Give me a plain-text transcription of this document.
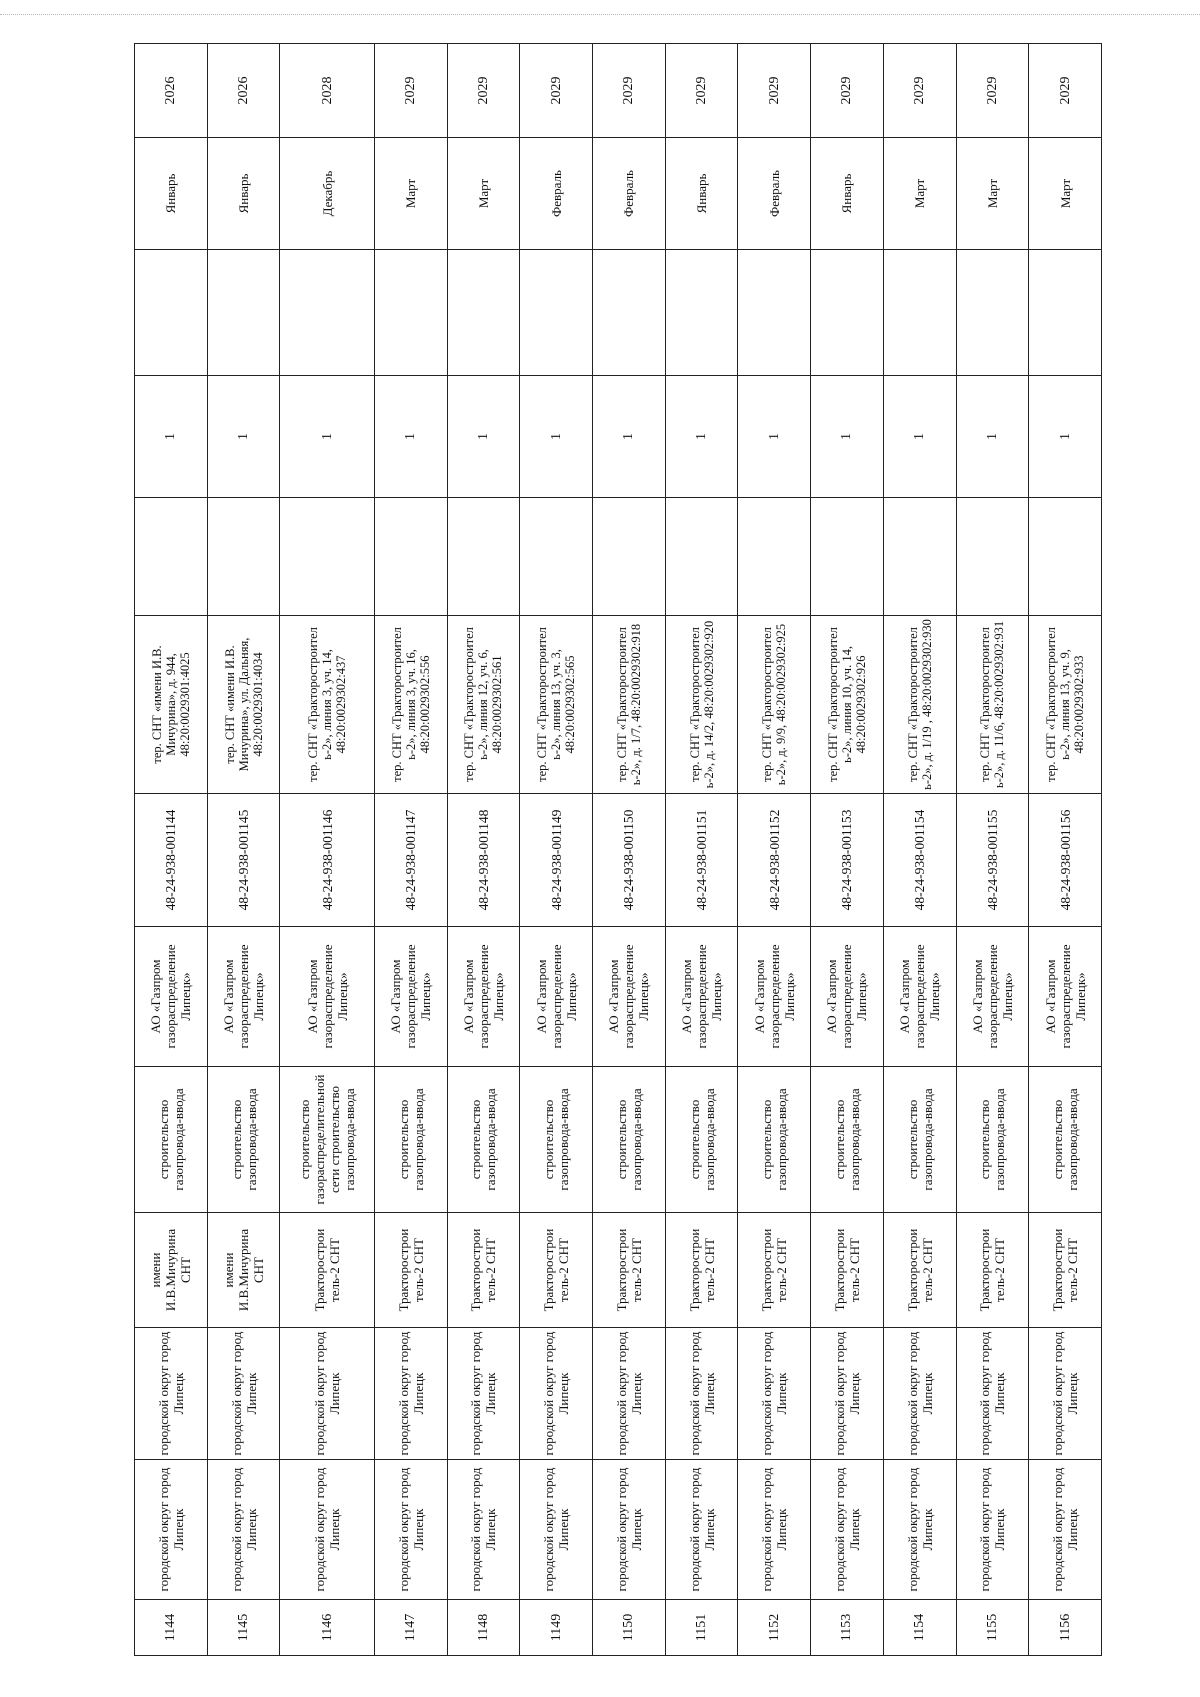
1144	городской округ город Липецк	городской округ город Липецк	имени И.В.Мичурина СНТ	строительство газопровода-ввода	АО «Газпром газораспределение Липецк»	48-24-938-001144	тер. СНТ «имени И.В. Мичурина», д. 944, 48:20:0029301:4025		1		Январь	2026
1145	городской округ город Липецк	городской округ город Липецк	имени И.В.Мичурина СНТ	строительство газопровода-ввода	АО «Газпром газораспределение Липецк»	48-24-938-001145	тер. СНТ «имени И.В. Мичурина», ул. Дальняя, 48:20:0029301:4034		1		Январь	2026
1146	городской округ город Липецк	городской округ город Липецк	Тракторострои тель-2 СНТ	строительство газораспределительной сети строительство газопровода-ввода	АО «Газпром газораспределение Липецк»	48-24-938-001146	тер. СНТ «Тракторостроител ь-2», линия 3, уч. 14, 48:20:0029302:437		1		Декабрь	2028
1147	городской округ город Липецк	городской округ город Липецк	Тракторострои тель-2 СНТ	строительство газопровода-ввода	АО «Газпром газораспределение Липецк»	48-24-938-001147	тер. СНТ «Тракторостроител ь-2», линия 3, уч. 16, 48:20:0029302:556		1		Март	2029
1148	городской округ город Липецк	городской округ город Липецк	Тракторострои тель-2 СНТ	строительство газопровода-ввода	АО «Газпром газораспределение Липецк»	48-24-938-001148	тер. СНТ «Тракторостроител ь-2», линия 12, уч. 6, 48:20:0029302:561		1		Март	2029
1149	городской округ город Липецк	городской округ город Липецк	Тракторострои тель-2 СНТ	строительство газопровода-ввода	АО «Газпром газораспределение Липецк»	48-24-938-001149	тер. СНТ «Тракторостроител ь-2», линия 13, уч. 3, 48:20:0029302:565		1		Февраль	2029
1150	городской округ город Липецк	городской округ город Липецк	Тракторострои тель-2 СНТ	строительство газопровода-ввода	АО «Газпром газораспределение Липецк»	48-24-938-001150	тер. СНТ «Тракторостроител ь-2», д. 1/7, 48:20:0029302:918		1		Февраль	2029
1151	городской округ город Липецк	городской округ город Липецк	Тракторострои тель-2 СНТ	строительство газопровода-ввода	АО «Газпром газораспределение Липецк»	48-24-938-001151	тер. СНТ «Тракторостроител ь-2», д. 14/2, 48:20:0029302:920		1		Январь	2029
1152	городской округ город Липецк	городской округ город Липецк	Тракторострои тель-2 СНТ	строительство газопровода-ввода	АО «Газпром газораспределение Липецк»	48-24-938-001152	тер. СНТ «Тракторостроител ь-2», д. 9/9, 48:20:0029302:925		1		Февраль	2029
1153	городской округ город Липецк	городской округ город Липецк	Тракторострои тель-2 СНТ	строительство газопровода-ввода	АО «Газпром газораспределение Липецк»	48-24-938-001153	тер. СНТ «Тракторостроител ь-2», линия 10, уч. 14, 48:20:0029302:926		1		Январь	2029
1154	городской округ город Липецк	городской округ город Липецк	Тракторострои тель-2 СНТ	строительство газопровода-ввода	АО «Газпром газораспределение Липецк»	48-24-938-001154	тер. СНТ «Тракторостроител ь-2», д. 1/19 , 48:20:0029302:930		1		Март	2029
1155	городской округ город Липецк	городской округ город Липецк	Тракторострои тель-2 СНТ	строительство газопровода-ввода	АО «Газпром газораспределение Липецк»	48-24-938-001155	тер. СНТ «Тракторостроител ь-2», д. 11/6, 48:20:0029302:931		1		Март	2029
1156	городской округ город Липецк	городской округ город Липецк	Тракторострои тель-2 СНТ	строительство газопровода-ввода	АО «Газпром газораспределение Липецк»	48-24-938-001156	тер. СНТ «Тракторостроител ь-2», линия 13, уч. 9, 48:20:0029302:933		1		Март	2029
